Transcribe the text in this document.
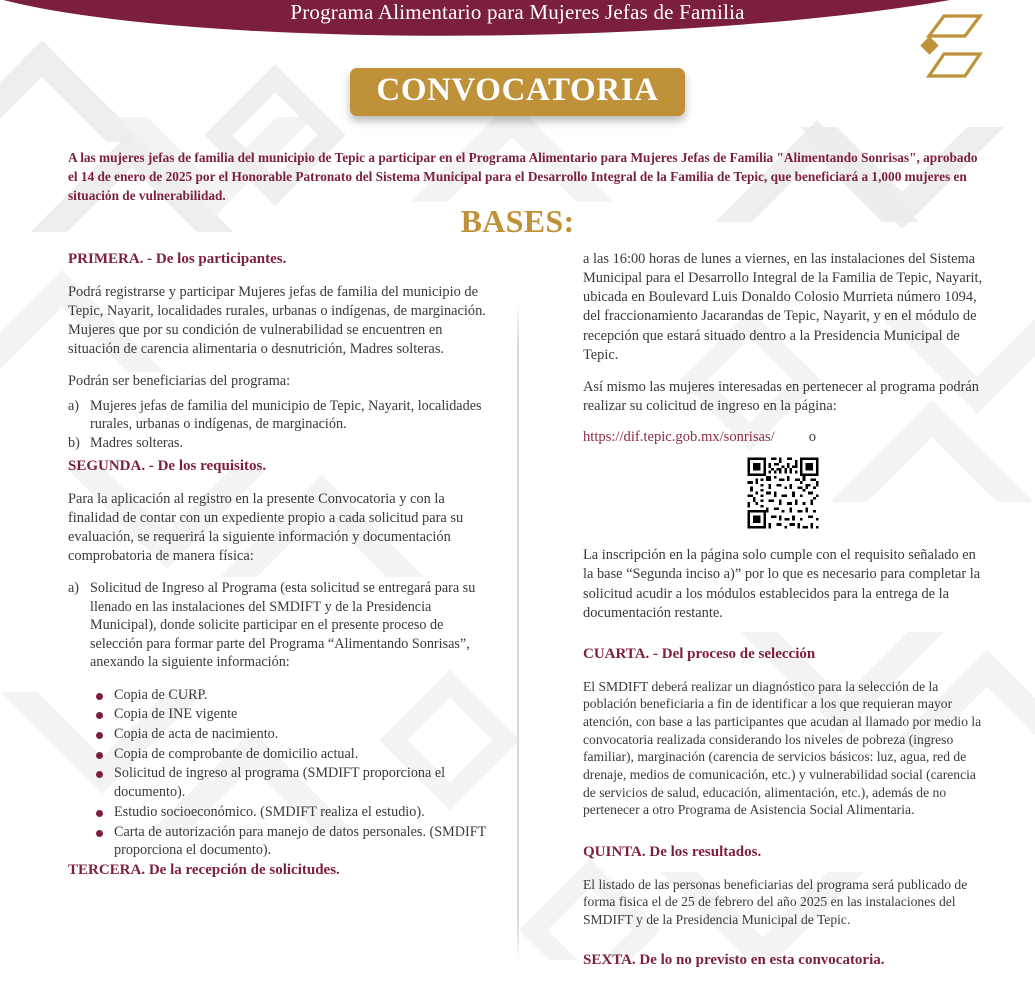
Programa Alimentario para Mujeres Jefas de Familia
CONVOCATORIA

A las mujeres jefas de familia del municipio de Tepic a participar en el Programa Alimentario para Mujeres Jefas de Familia "Alimentando Sonrisas", aprobado el 14 de enero de 2025 por el Honorable Patronato del Sistema Municipal para el Desarrollo Integral de la Familia de Tepic, que beneficiará a 1,000 mujeres en situación de vulnerabilidad.

BASES:
PRIMERA. - De los participantes.

Podrá registrarse y participar Mujeres jefas de familia del municipio de Tepic, Nayarit, localidades rurales, urbanas o indígenas, de marginación. Mujeres que por su condición de vulnerabilidad se encuentren en situación de carencia alimentaria o desnutrición, Madres solteras.

Podrán ser beneficiarias del programa:

a) Mujeres jefas de familia del municipio de Tepic, Nayarit, localidades rurales, urbanas o indígenas, de marginación.
b) Madres solteras.
SEGUNDA. - De los requisitos.

Para la aplicación al registro en la presente Convocatoria y con la finalidad de contar con un expediente propio a cada solicitud para su evaluación, se requerirá la siguiente información y documentación comprobatoria de manera física:

a) Solicitud de Ingreso al Programa (esta solicitud se entregará para su llenado en las instalaciones del SMDIFT y de la Presidencia Municipal), donde solicite participar en el presente proceso de selección para formar parte del Programa “Alimentando Sonrisas”, anexando la siguiente información:
Copia de CURP.
Copia de INE vigente
Copia de acta de nacimiento.
Copia de comprobante de domicilio actual.
Solicitud de ingreso al programa (SMDIFT proporciona el documento).
Estudio socioeconómico. (SMDIFT realiza el estudio).
Carta de autorización para manejo de datos personales. (SMDIFT proporciona el documento).
TERCERA. De la recepción de solicitudes.

a las 16:00 horas de lunes a viernes, en las instalaciones del Sistema Municipal para el Desarrollo Integral de la Familia de Tepic, Nayarit, ubicada en Boulevard Luis Donaldo Colosio Murrieta número 1094, del fraccionamiento Jacarandas de Tepic, Nayarit, y en el módulo de recepción que estará situado dentro a la Presidencia Municipal de Tepic.

Así mismo las mujeres interesadas en pertenecer al programa podrán realizar su colicitud de ingreso en la página:

https://dif.tepic.gob.mx/sonrisas/ o

La inscripción en la página solo cumple con el requisito señalado en la base “Segunda inciso a)” por lo que es necesario para completar la solicitud acudir a los módulos establecidos para la entrega de la documentación restante.

CUARTA. - Del proceso de selección

El SMDIFT deberá realizar un diagnóstico para la selección de la población beneficiaria a fin de identificar a los que requieran mayor atención, con base a las participantes que acudan al llamado por medio la convocatoria realizada considerando los niveles de pobreza (ingreso familiar), marginación (carencia de servicios básicos: luz, agua, red de drenaje, medios de comunicación, etc.) y vulnerabilidad social (carencia de servicios de salud, educación, alimentación, etc.), además de no pertenecer a otro Programa de Asistencia Social Alimentaria.

QUINTA. De los resultados.

El listado de las personas beneficiarias del programa será publicado de forma fisica el de 25 de febrero del año 2025 en las instalaciones del SMDIFT y de la Presidencia Municipal de Tepic.

SEXTA. De lo no previsto en esta convocatoria.
